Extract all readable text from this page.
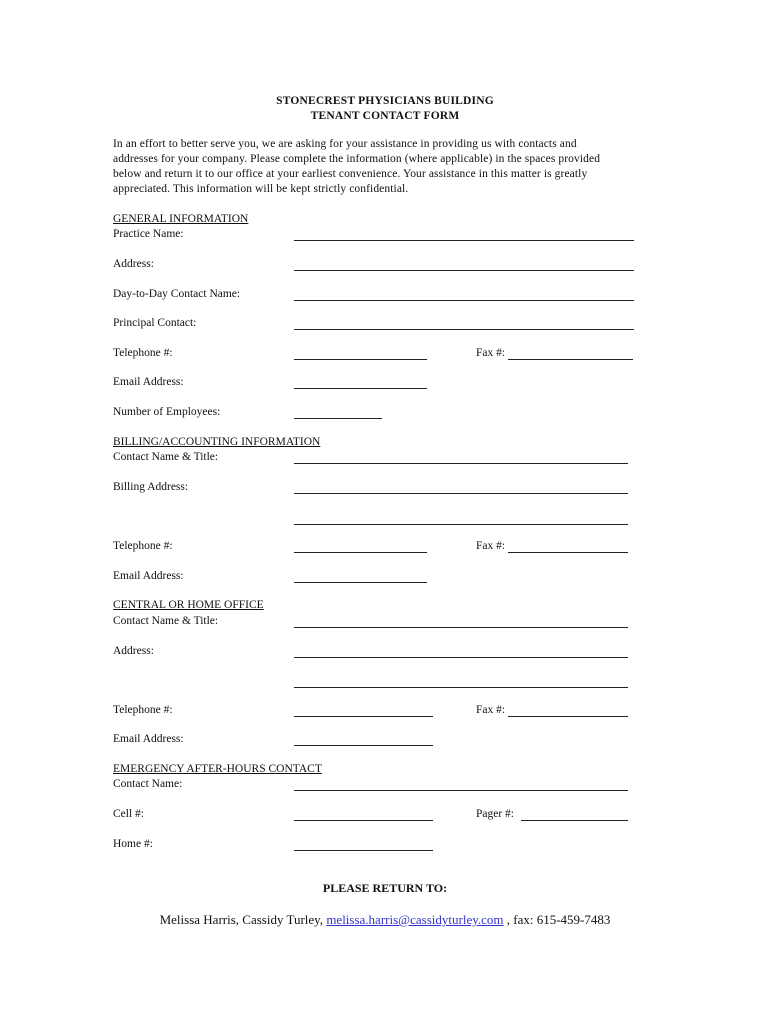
STONECREST PHYSICIANS BUILDING
TENANT CONTACT FORM
In an effort to better serve you, we are asking for your assistance in providing us with contacts and
addresses for your company. Please complete the information (where applicable) in the spaces provided
below and return it to our office at your earliest convenience. Your assistance in this matter is greatly
appreciated. This information will be kept strictly confidential.
GENERAL INFORMATION
Practice Name:
Address:
Day-to-Day Contact Name:
Principal Contact:
Telephone #:	Fax #:
Email Address:
Number of Employees:
BILLING/ACCOUNTING INFORMATION
Contact Name & Title:
Billing Address:
Telephone #:	Fax #:
Email Address:
CENTRAL OR HOME OFFICE
Contact Name & Title:
Address:
Telephone #:	Fax #:
Email Address:
EMERGENCY AFTER-HOURS CONTACT
Contact Name:
Cell #:	Pager #:
Home #:
PLEASE RETURN TO:
Melissa Harris, Cassidy Turley, melissa.harris@cassidyturley.com , fax: 615-459-7483
